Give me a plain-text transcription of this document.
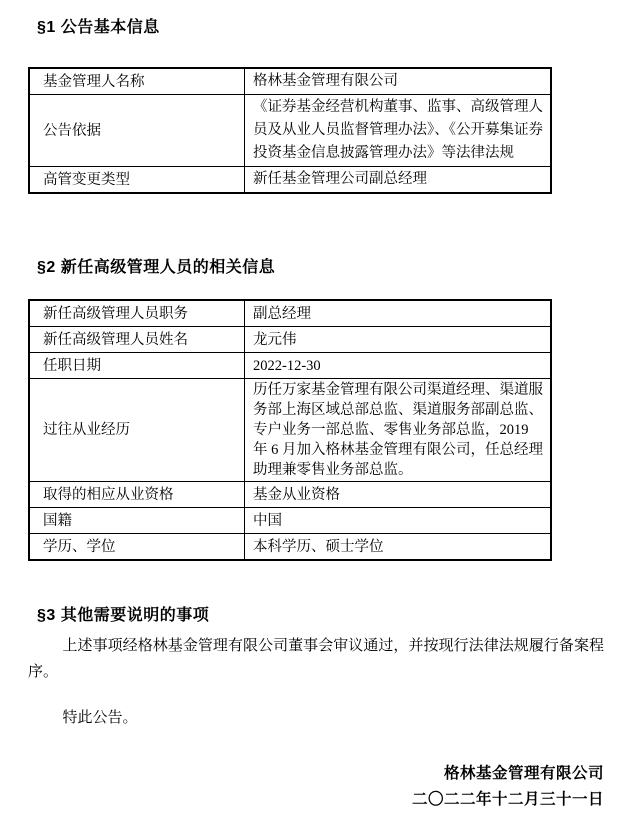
§1 公告基本信息
基金管理人名称	格林基金管理有限公司
公告依据	《证券基金经营机构董事、监事、高级管理人员及从业人员监督管理办法》、《公开募集证券投资基金信息披露管理办法》等法律法规
高管变更类型	新任基金管理公司副总经理
§2 新任高级管理人员的相关信息
新任高级管理人员职务	副总经理
新任高级管理人员姓名	龙元伟
任职日期	2022-12-30
过往从业经历	历任万家基金管理有限公司渠道经理、渠道服务部上海区域总部总监、渠道服务部副总监、专户业务一部总监、零售业务部总监，2019 年 6 月加入格林基金管理有限公司，任总经理助理兼零售业务部总监。
取得的相应从业资格	基金从业资格
国籍	中国
学历、学位	本科学历、硕士学位
§3 其他需要说明的事项

上述事项经格林基金管理有限公司董事会审议通过，并按现行法律法规履行备案程序。

特此公告。

格林基金管理有限公司

二〇二二年十二月三十一日
